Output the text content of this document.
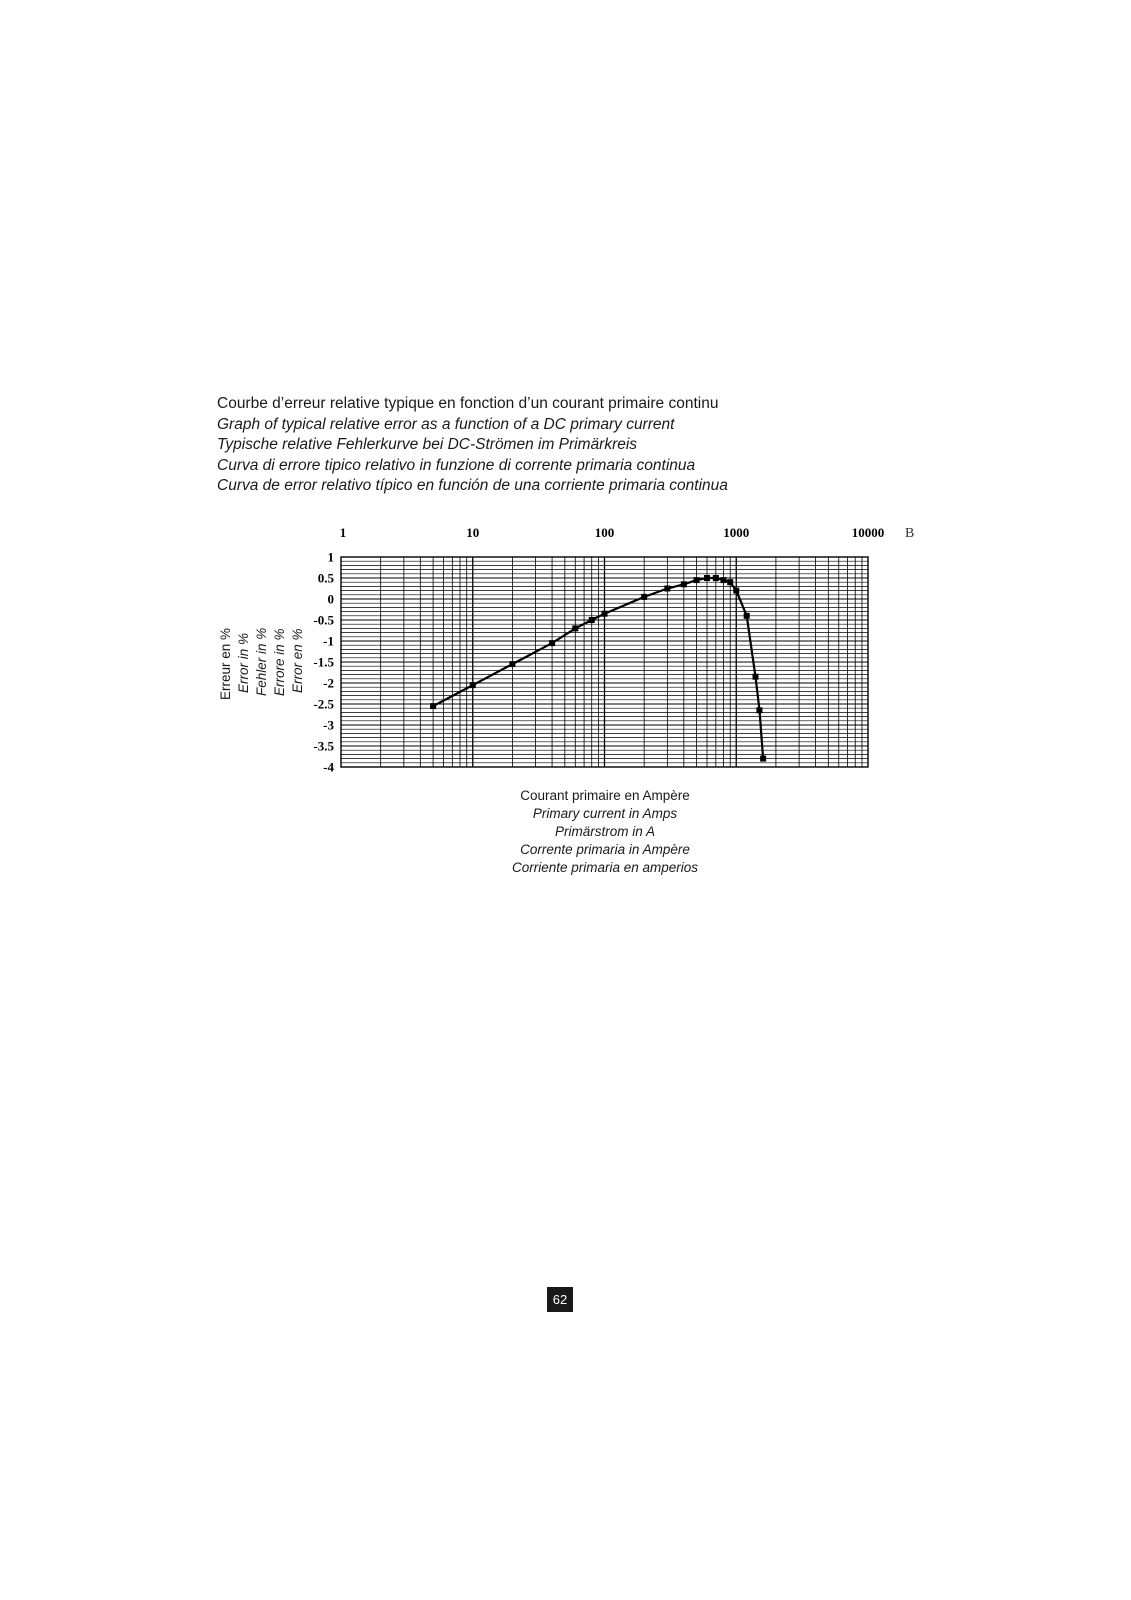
Courbe d’erreur relative typique en fonction d’un courant primaire continu
Graph of typical relative error as a function of a DC primary current
Typische relative Fehlerkurve bei DC-Strömen im Primärkreis
Curva di errore tipico relativo in funzione di corrente primaria continua
Curva de error relativo típico en función de una corriente primaria continua
Erreur en % Error in % Fehler in % Errore in % Error en %
1	10	100	1000	10000
1
0.5
0
-0.5
-1
-1.5
-2
-2.5
-3
-3.5
-4
B
Courant primaire en Ampère
Primary current in Amps
Primärstrom in A
Corrente primaria in Ampère
Corriente primaria en amperios
62
